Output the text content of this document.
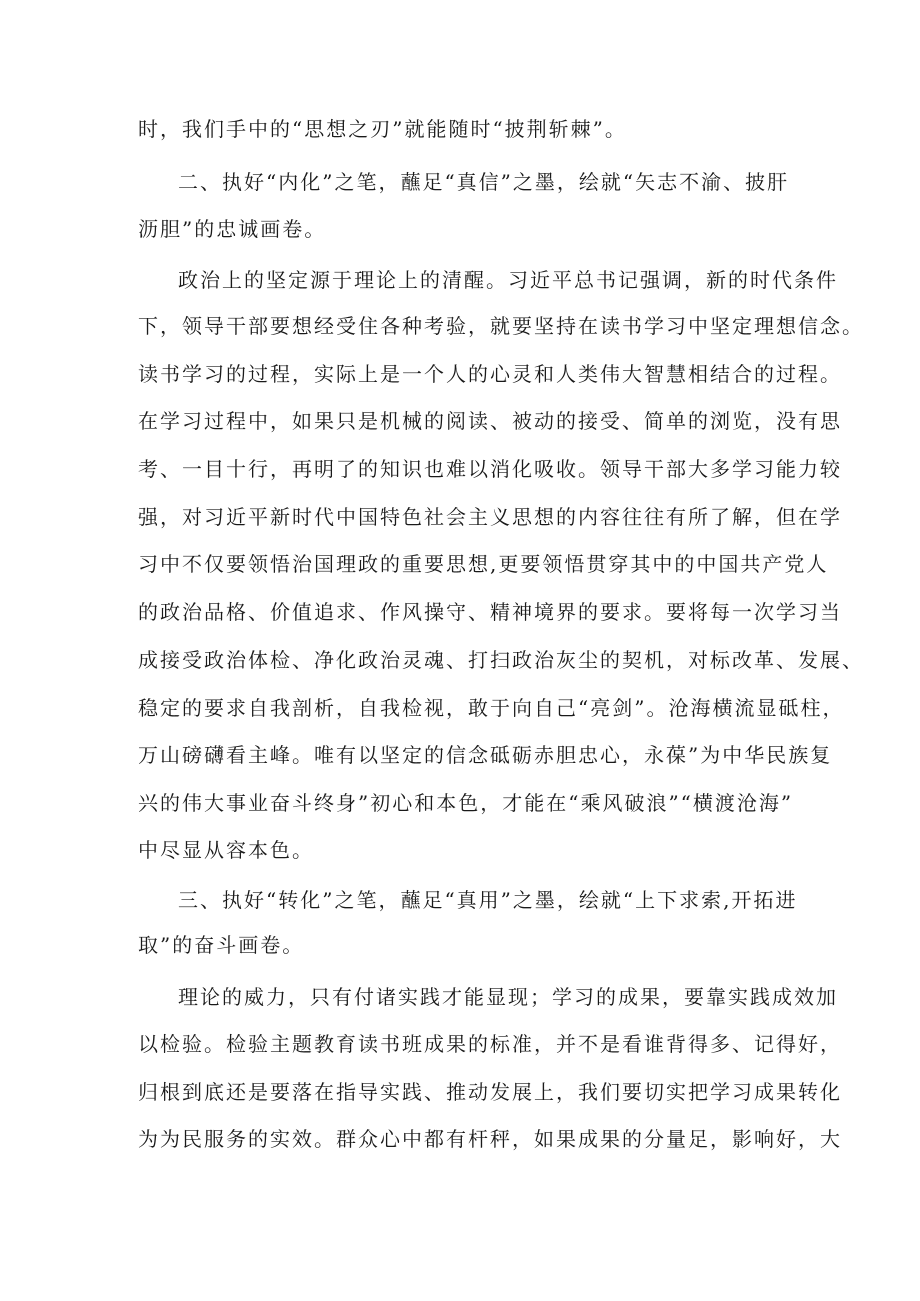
时，我们手中的“思想之刃”就能随时“披荆斩棘”。
二、执好“内化”之笔，蘸足“真信”之墨，绘就“矢志不渝、披肝
沥胆”的忠诚画卷。
政治上的坚定源于理论上的清醒。习近平总书记强调，新的时代条件
下，领导干部要想经受住各种考验，就要坚持在读书学习中坚定理想信念。
读书学习的过程，实际上是一个人的心灵和人类伟大智慧相结合的过程。
在学习过程中，如果只是机械的阅读、被动的接受、简单的浏览，没有思
考、一目十行，再明了的知识也难以消化吸收。领导干部大多学习能力较
强，对习近平新时代中国特色社会主义思想的内容往往有所了解，但在学
习中不仅要领悟治国理政的重要思想,更要领悟贯穿其中的中国共产党人
的政治品格、价值追求、作风操守、精神境界的要求。要将每一次学习当
成接受政治体检、净化政治灵魂、打扫政治灰尘的契机，对标改革、发展、
稳定的要求自我剖析，自我检视，敢于向自己“亮剑”。沧海横流显砥柱，
万山磅礴看主峰。唯有以坚定的信念砥砺赤胆忠心，永葆”为中华民族复
兴的伟大事业奋斗终身”初心和本色，才能在“乘风破浪”“横渡沧海”
中尽显从容本色。
三、执好“转化”之笔，蘸足“真用”之墨，绘就“上下求索,开拓进
取”的奋斗画卷。
理论的威力，只有付诸实践才能显现；学习的成果，要靠实践成效加
以检验。检验主题教育读书班成果的标准，并不是看谁背得多、记得好，
归根到底还是要落在指导实践、推动发展上，我们要切实把学习成果转化
为为民服务的实效。群众心中都有杆秤，如果成果的分量足，影响好，大
